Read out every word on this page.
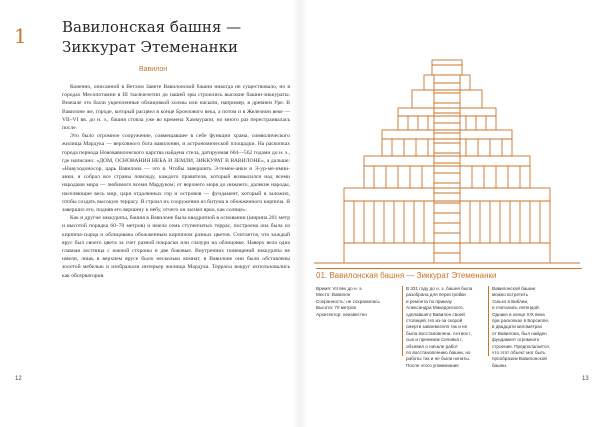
1 Вавилонская башня —
Зиккурат Этеменанки
Вавилон

Конечно, описанной в Ветхом Завете Вавилонской башни никогда не существовало, но в городах Месопотамии в III тысячелетии до нашей эры строились высокие башни-зиккураты. Вначале это были укрепленные облицовкой холмы или насыпи, например, в древнем Уре. В Вавилоне же, городе, который расцвел в конце Бронзового века, а потом и в Железном веке — VII–VI вв. до н. э., башня стояла уже во времена Хаммурапи, но много раз перестраивалась после.

Это было огромное сооружение, совмещавшее в себе функции храма, символического жилища Мардука — верховного бога вавилонян, и астрономической площадки. На раскопках города периода Нововавилонского царства найдена стела, датируемая 604—562 годами до н. э., где написано: «ДОМ, ОСНОВАНИЯ НЕБА И ЗЕМЛИ, ЗИККУРАТ В ВАВИЛОНЕ», а дальше: «Навуходоносор, царь Вавилона — это я. Чтобы завершить Э-темен-анки и Э-ур-ме-имин-анки, я собрал все страны повсюду, каждого правителя, который возвысился над всеми народами мира — любимого всеми Мардуком; от верхнего моря до нижнего, далекие народы, населяющие весь мир, царя отдаленных гор и островов — фундамент, который я заложил, чтобы создать высокую террасу. Я строил их сооружения из битума и обожженного кирпича. Я завершил его, подняв его вершину к небу, отчего он засиял ярко, как солнце».

Как и другие зиккураты, башня в Вавилоне была квадратной в основании (ширина 201 метр и высотой порядка 60–70 метров) и имела семь ступенчатых террас, построена она была из кирпича-сырца и облицована обожженным кирпичом разных цветов. Считается, что каждый ярус был своего цвета за счет разной покраски или глазури на облицовке. Наверх вела одна главная лестница с южной стороны и две боковые. Внутренних помещений зиккураты не имели, лишь в верхнем ярусе было несколько комнат, в Вавилоне они были обставлены золотой мебелью и изображали интерьер жилища Мардука. Террасы вокруг использовались как обсерватория.

12
01. Вавилонская башня — Зиккурат Этеменанки
Время: VII век до н. э.
Место: Вавилон
Сохранность: не сохранилась
Высота: 70 метров
Архитектор: неизвестен
В 331 году до н. э. башня была
разобрана для перестройки
и ремонта по приказу
Александра Македонского,
сделавшего Вавилон своей
столицей. Но из-за скорой
смерти завоевателя так и не
была восстановлена. Антиох I,
сын и преемник Селевка I,
объявил о начале работ
по восстановлению башни, но
работы так и не были начаты.
После этого упоминания
Вавилонской башни
можно встретить
только в Библии,
и считались легендой.
Однако в конце XIX века
при раскопках в Борсиппе,
в двадцати километрах
от Вавилона, был найден
фундамент огромного
строения. Предполагается,
что этот объект мог быть
прообразом Вавилонской
башни.
13
